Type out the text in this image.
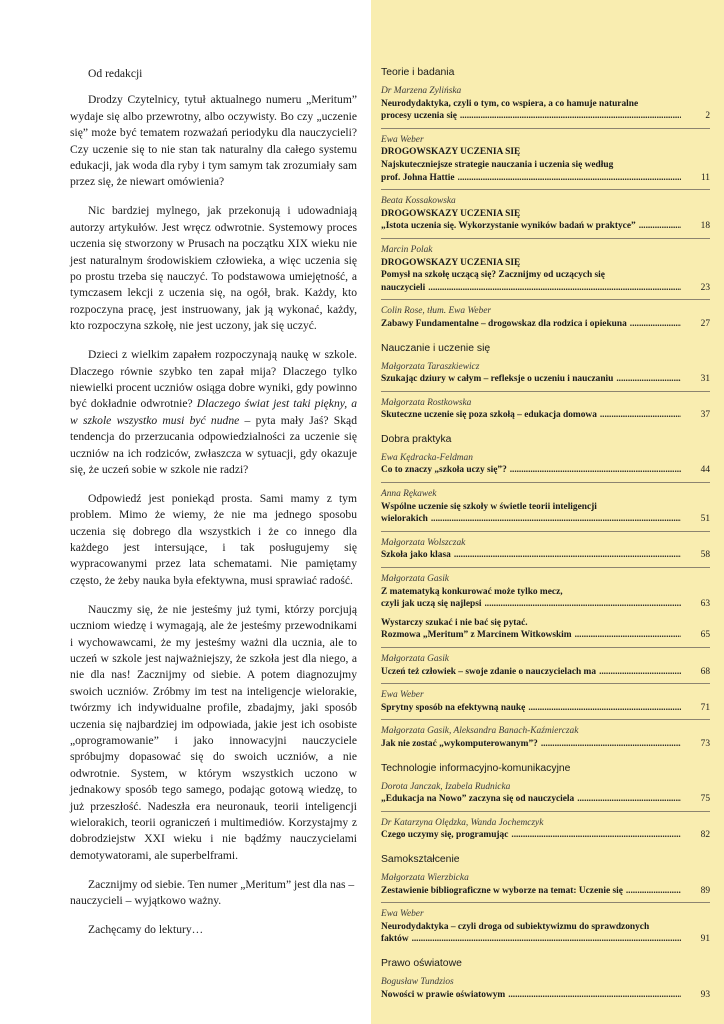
Od redakcji

Drodzy Czytelnicy, tytuł aktualnego numeru „Meritum” wydaje się albo przewrotny, albo oczywisty. Bo czy „uczenie się” może być tematem rozważań periodyku dla nauczycieli? Czy uczenie się to nie stan tak naturalny dla całego systemu edukacji, jak woda dla ryby i tym samym tak zrozumiały sam przez się, że niewart omówienia?

Nic bardziej mylnego, jak przekonują i udowadniają autorzy artykułów. Jest wręcz odwrotnie. Systemowy proces uczenia się stworzony w Prusach na początku XIX wieku nie jest naturalnym środowiskiem człowieka, a więc uczenia się po prostu trzeba się nauczyć. To podstawowa umiejętność, a tymczasem lekcji z uczenia się, na ogół, brak. Każdy, kto rozpoczyna pracę, jest instruowany, jak ją wykonać, każdy, kto rozpoczyna szkołę, nie jest uczony, jak się uczyć.

Dzieci z wielkim zapałem rozpoczynają naukę w szkole. Dlaczego równie szybko ten zapał mija? Dlaczego tylko niewielki procent uczniów osiąga dobre wyniki, gdy powinno być dokładnie odwrotnie? Dlaczego świat jest taki piękny, a w szkole wszystko musi być nudne – pyta mały Jaś? Skąd tendencja do przerzucania odpowiedzialności za uczenie się uczniów na ich rodziców, zwłaszcza w sytuacji, gdy okazuje się, że uczeń sobie w szkole nie radzi?

Odpowiedź jest poniekąd prosta. Sami mamy z tym problem. Mimo że wiemy, że nie ma jednego sposobu uczenia się dobrego dla wszystkich i że co innego dla każdego jest intersujące, i tak posługujemy się wypracowanymi przez lata schematami. Nie pamiętamy często, że żeby nauka była efektywna, musi sprawiać radość.

Nauczmy się, że nie jesteśmy już tymi, którzy porcjują uczniom wiedzę i wymagają, ale że jesteśmy przewodnikami i wychowawcami, że my jesteśmy ważni dla ucznia, ale to uczeń w szkole jest najważniejszy, że szkoła jest dla niego, a nie dla nas! Zacznijmy od siebie. A potem diagnozujmy swoich uczniów. Zróbmy im test na inteligencje wielorakie, twórzmy ich indywidualne profile, zbadajmy, jaki sposób uczenia się najbardziej im odpowiada, jakie jest ich osobiste „oprogramowanie” i jako innowacyjni nauczyciele spróbujmy dopasować się do swoich uczniów, a nie odwrotnie. System, w którym wszystkich uczono w jednakowy sposób tego samego, podając gotową wiedzę, to już przeszłość. Nadeszła era neuronauk, teorii inteligencji wielorakich, teorii ograniczeń i multimediów. Korzystajmy z dobrodziejstw XXI wieku i nie bądźmy nauczycielami demotywatorami, ale superbelframi.

Zacznijmy od siebie. Ten numer „Meritum” jest dla nas – nauczycieli – wyjątkowo ważny.

Zachęcamy do lektury…

Teorie i badania
Dr Marzena Zylińska
Neurodydaktyka, czyli o tym, co wspiera, a co hamuje naturalne
procesy uczenia się . . .	2
Ewa Weber
DROGOWSKAZY UCZENIA SIĘ
Najskuteczniejsze strategie nauczania i uczenia się według
prof. Johna Hattie . . .	11
Beata Kossakowska
DROGOWSKAZY UCZENIA SIĘ
„Istota uczenia się. Wykorzystanie wyników badań w praktyce” . . .	18
Marcin Polak
DROGOWSKAZY UCZENIA SIĘ
Pomysł na szkołę uczącą się? Zacznijmy od uczących się
nauczycieli . . .	23
Colin Rose, tłum. Ewa Weber
Zabawy Fundamentalne – drogowskaz dla rodzica i opiekuna . . .	27
Nauczanie i uczenie się
Małgorzata Taraszkiewicz
Szukając dziury w całym – refleksje o uczeniu i nauczaniu . . .	31
Małgorzata Rostkowska
Skuteczne uczenie się poza szkołą – edukacja domowa . . .	37
Dobra praktyka
Ewa Kędracka-Feldman
Co to znaczy „szkoła uczy się”? . . .	44
Anna Rękawek
Wspólne uczenie się szkoły w świetle teorii inteligencji
wielorakich . . .	51
Małgorzata Wolszczak
Szkoła jako klasa . . .	58
Małgorzata Gasik
Z matematyką konkurować może tylko mecz,
czyli jak uczą się najlepsi . . .	63
Wystarczy szukać i nie bać się pytać.
Rozmowa „Meritum” z Marcinem Witkowskim . . .	65
Małgorzata Gasik
Uczeń też człowiek – swoje zdanie o nauczycielach ma . . .	68
Ewa Weber
Sprytny sposób na efektywną naukę . . .	71
Małgorzata Gasik, Aleksandra Banach-Kaźmierczak
Jak nie zostać „wykomputerowanym”? . . .	73
Technologie informacyjno-komunikacyjne
Dorota Janczak, Izabela Rudnicka
„Edukacja na Nowo” zaczyna się od nauczyciela . . .	75
Dr Katarzyna Olędzka, Wanda Jochemczyk
Czego uczymy się, programując . . .	82
Samokształcenie
Małgorzata Wierzbicka
Zestawienie bibliograficzne w wyborze na temat: Uczenie się . . .	89
Ewa Weber
Neurodydaktyka – czyli droga od subiektywizmu do sprawdzonych
faktów . . .	91
Prawo oświatowe
Bogusław Tundzios
Nowości w prawie oświatowym . . .	93
